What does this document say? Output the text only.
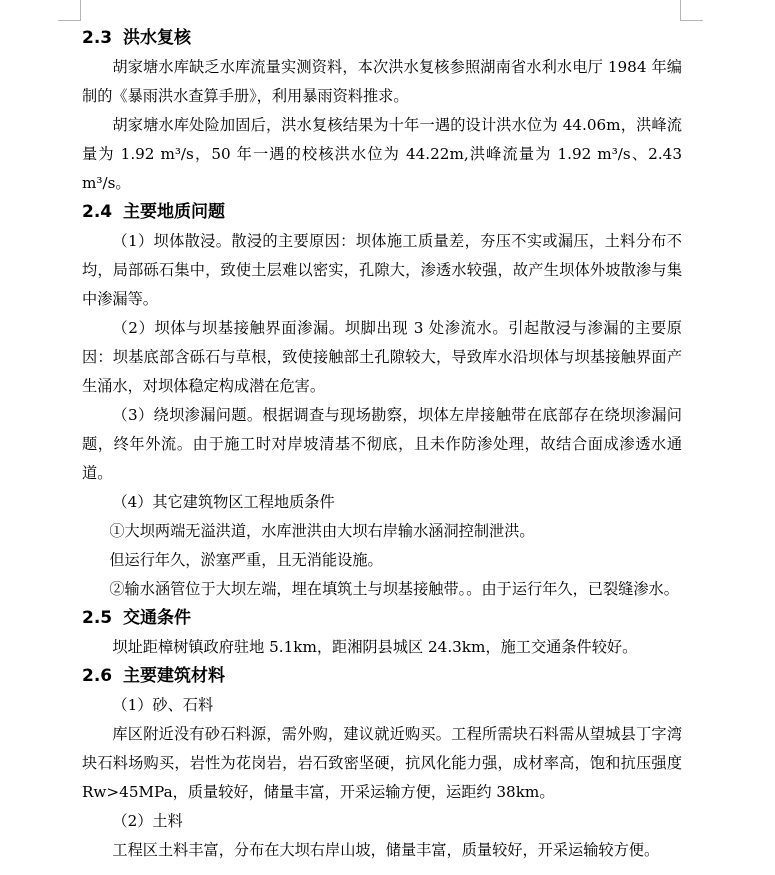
2.3 洪水复核

胡家塘水库缺乏水库流量实测资料，本次洪水复核参照湖南省水利水电厅 1984 年编制的《暴雨洪水查算手册》，利用暴雨资料推求。

胡家塘水库处险加固后，洪水复核结果为十年一遇的设计洪水位为 44.06m，洪峰流量为 1.92 m³/s，50 年一遇的校核洪水位为 44.22m,洪峰流量为 1.92 m³/s、2.43 m³/s。

2.4 主要地质问题

（1）坝体散浸。散浸的主要原因：坝体施工质量差，夯压不实或漏压，土料分布不均，局部砾石集中，致使土层难以密实，孔隙大，渗透水较强，故产生坝体外坡散渗与集中渗漏等。

（2）坝体与坝基接触界面渗漏。坝脚出现 3 处渗流水。引起散浸与渗漏的主要原因：坝基底部含砾石与草根，致使接触部土孔隙较大，导致库水沿坝体与坝基接触界面产生涌水，对坝体稳定构成潜在危害。

（3）绕坝渗漏问题。根据调查与现场勘察，坝体左岸接触带在底部存在绕坝渗漏问题，终年外流。由于施工时对岸坡清基不彻底，且未作防渗处理，故结合面成渗透水通道。

（4）其它建筑物区工程地质条件

①大坝两端无溢洪道，水库泄洪由大坝右岸输水涵洞控制泄洪。

但运行年久，淤塞严重，且无消能设施。

②输水涵管位于大坝左端，埋在填筑土与坝基接触带。。由于运行年久，已裂缝渗水。

2.5 交通条件

坝址距樟树镇政府驻地 5.1km，距湘阴县城区 24.3km，施工交通条件较好。

2.6 主要建筑材料

（1）砂、石料

库区附近没有砂石料源，需外购，建议就近购买。工程所需块石料需从望城县丁字湾块石料场购买，岩性为花岗岩，岩石致密坚硬，抗风化能力强，成材率高，饱和抗压强度 Rw>45MPa，质量较好，储量丰富，开采运输方便，运距约 38km。

（2）土料

工程区土料丰富，分布在大坝右岸山坡，储量丰富，质量较好，开采运输较方便。
